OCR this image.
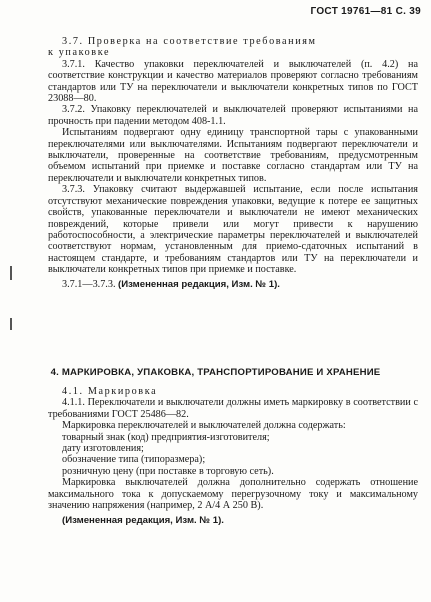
ГОСТ 19761—81 С. 39

3.7. Проверка на соответствие требованиям

к упаковке

3.7.1. Качество упаковки переключателей и выключателей (п. 4.2) на соответствие конструкции и качество материалов проверяют согласно требованиям стандартов или ТУ на переключатели и выключатели конкретных типов по ГОСТ 23088—80.

3.7.2. Упаковку переключателей и выключателей проверяют испытаниями на прочность при падении методом 408-1.1.

Испытаниям подвергают одну единицу транспортной тары с упакованными переключателями или выключателями. Испытаниям подвергают переключатели и выключатели, проверенные на соответствие требованиям, предусмотренным объемом испытаний при приемке и поставке согласно стандартам или ТУ на переключатели и выключатели конкретных типов.

3.7.3. Упаковку считают выдержавшей испытание, если после испытания отсутствуют механические повреждения упаковки, ведущие к потере ее защитных свойств, упакованные переключатели и выключатели не имеют механических повреждений, которые привели или могут привести к нарушению работоспособности, а электрические параметры переключателей и выключателей соответствуют нормам, установленным для приемо-сдаточных испытаний в настоящем стандарте, и требованиям стандартов или ТУ на переключатели и выключатели конкретных типов при приемке и поставке.

3.7.1—3.7.3. (Измененная редакция, Изм. № 1).

4. МАРКИРОВКА, УПАКОВКА, ТРАНСПОРТИРОВАНИЕ И ХРАНЕНИЕ

4.1. Маркировка

4.1.1. Переключатели и выключатели должны иметь маркировку в соответствии с требованиями ГОСТ 25486—82.

Маркировка переключателей и выключателей должна содержать:

товарный знак (код) предприятия-изготовителя;

дату изготовления;

обозначение типа (типоразмера);

розничную цену (при поставке в торговую сеть).

Маркировка выключателей должна дополнительно содержать отношение максимального тока к допускаемому перегрузочному току и максимальному значению напряжения (например, 2 А/4 А 250 В).

(Измененная редакция, Изм. № 1).
